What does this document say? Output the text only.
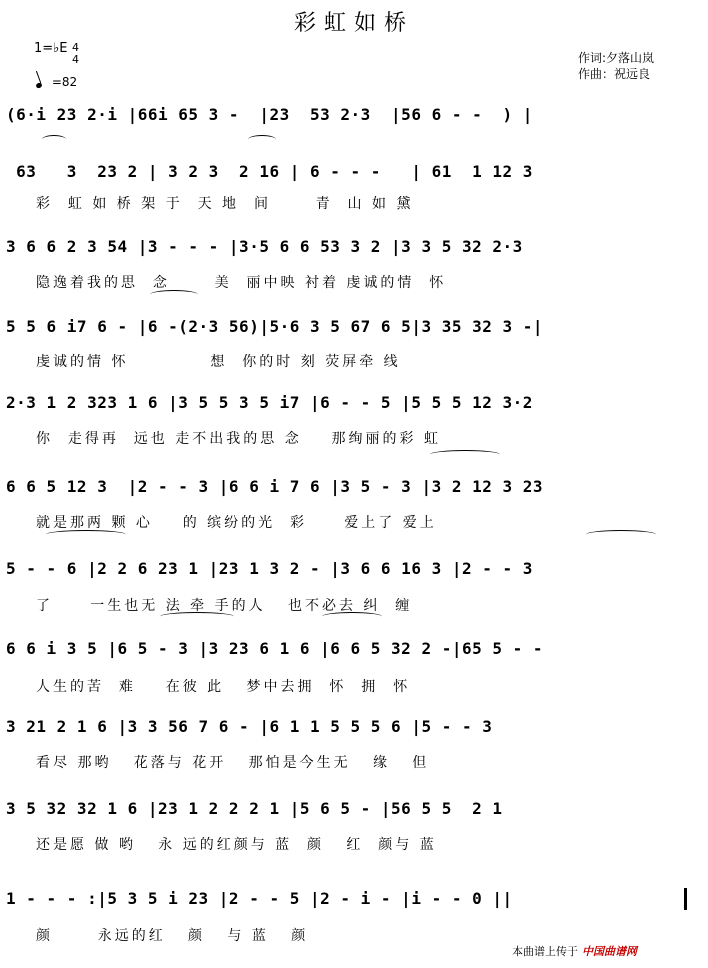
彩虹如桥
1=♭E 4
4
=82
作词:夕落山岚
作曲：祝远良
(6·i 23 2·i |66i 65 3 -  |23  53 2·3  |56 6 - -  ) |
63   3  23 2 | 3 2 3  2 16 | 6 - - -   | 61  1 12 3
彩  虹 如 桥 架 于  天 地  间      青  山 如 黛
3 6 6 2 3 54 |3 - - - |3·5 6 6 53 3 2 |3 3 5 32 2·3
隐逸着我的思  念      美  丽中映 衬着 虔诚的情  怀
5 5 6 i7 6 - |6 -(2·3 56)|5·6 3 5 67 6 5|3 35 32 3 -|
虔诚的情 怀           想  你的时 刻 荧屏牵 线
2·3 1 2 323 1 6 |3 5 5 3 5 i7 |6 - - 5 |5 5 5 12 3·2
你  走得再  远也 走不出我的思 念    那绚丽的彩 虹
6 6 5 12 3  |2 - - 3 |6 6 i 7 6 |3 5 - 3 |3 2 12 3 23
就是那两 颗 心    的 缤纷的光  彩     爱上了 爱上
5 - - 6 |2 2 6 23 1 |23 1 3 2 - |3 6 6 16 3 |2 - - 3
了     一生也无 法 牵 手的人   也不必去 纠  缠
6 6 i 3 5 |6 5 - 3 |3 23 6 1 6 |6 6 5 32 2 -|65 5 - -
人生的苦  难    在彼 此   梦中去拥  怀  拥  怀
3 21 2 1 6 |3 3 56 7 6 - |6 1 1 5 5 5 6 |5 - - 3
看尽 那哟   花落与 花开   那怕是今生无   缘   但
3 5 32 32 1 6 |23 1 2 2 2 1 |5 6 5 - |56 5 5  2 1
还是愿 做 哟   永 远的红颜与 蓝  颜   红  颜与 蓝
1 - - - :|5 3 5 i 23 |2 - - 5 |2 - i - |i - - 0 ||
颜      永远的红   颜   与 蓝   颜
本曲谱上传于 中国曲谱网
